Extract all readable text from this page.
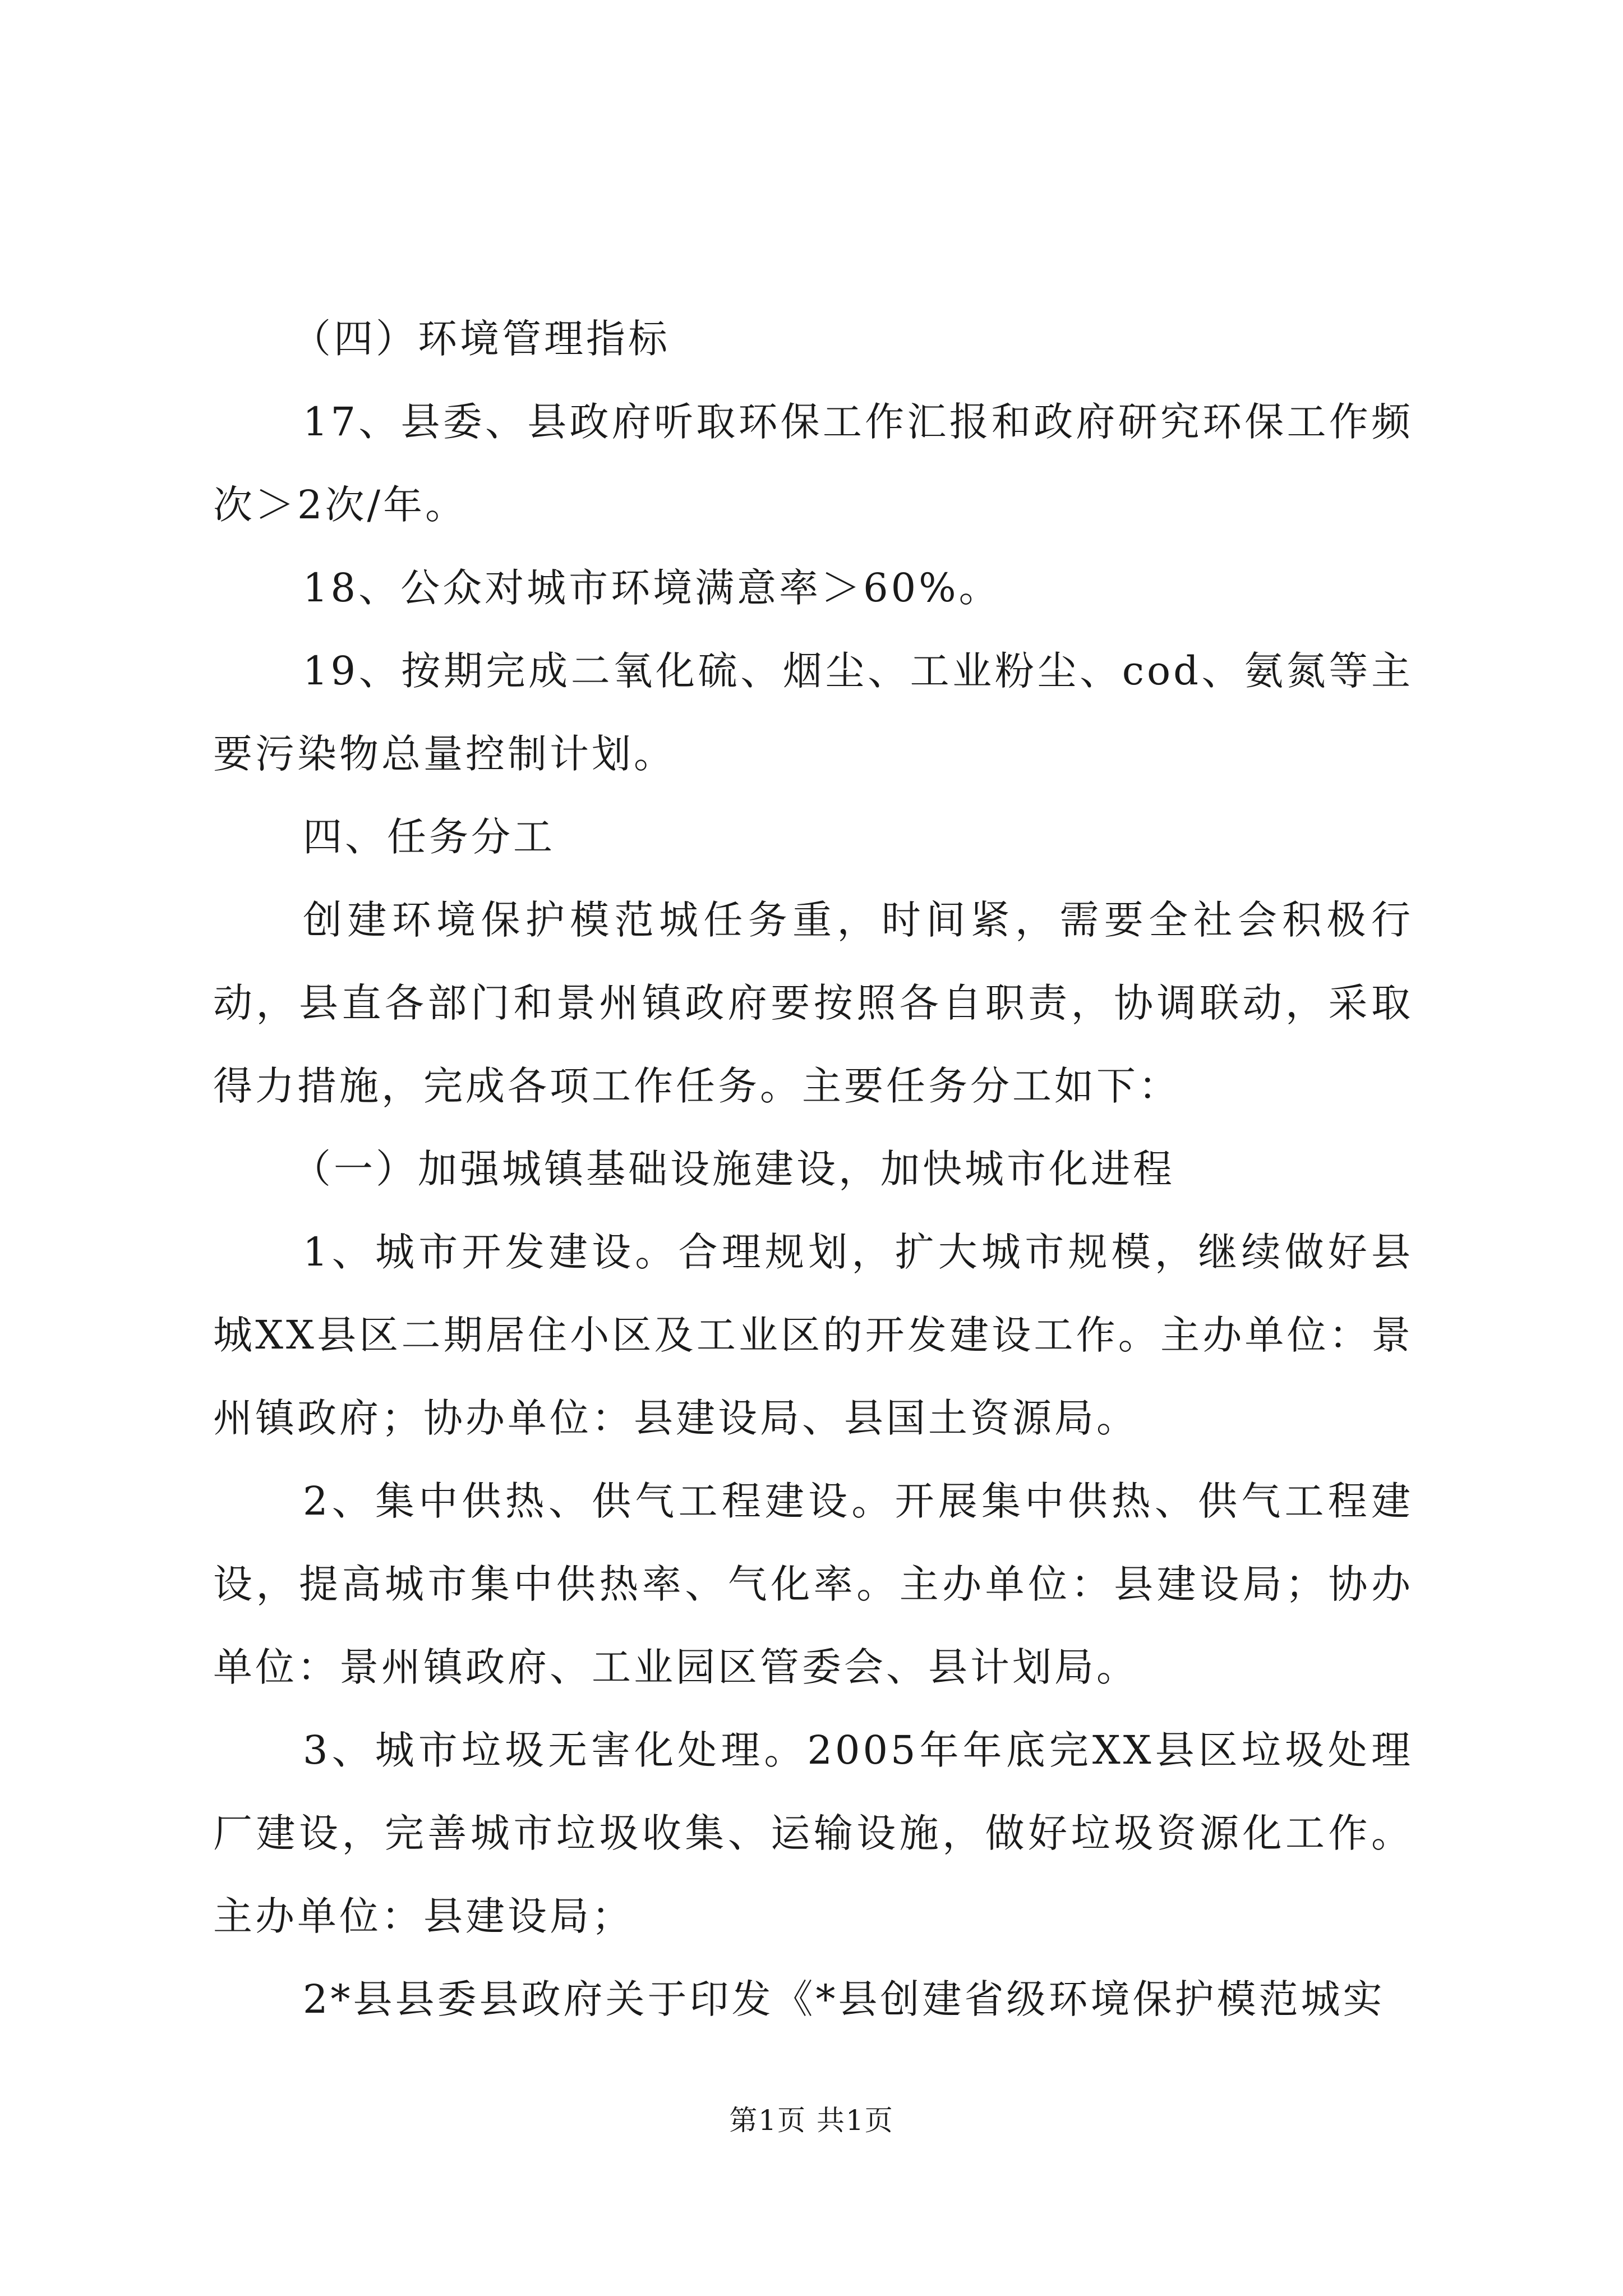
（四）环境管理指标

17、县委、县政府听取环保工作汇报和政府研究环保工作频次＞2次/年。

18、公众对城市环境满意率＞60%。

19、按期完成二氧化硫、烟尘、工业粉尘、cod、氨氮等主要污染物总量控制计划。

四、任务分工

创建环境保护模范城任务重，时间紧，需要全社会积极行动，县直各部门和景州镇政府要按照各自职责，协调联动，采取得力措施，完成各项工作任务。主要任务分工如下：

（一）加强城镇基础设施建设，加快城市化进程

1、城市开发建设。合理规划，扩大城市规模，继续做好县城XX县区二期居住小区及工业区的开发建设工作。主办单位：景州镇政府；协办单位：县建设局、县国土资源局。

2、集中供热、供气工程建设。开展集中供热、供气工程建设，提高城市集中供热率、气化率。主办单位：县建设局；协办单位：景州镇政府、工业园区管委会、县计划局。

3、城市垃圾无害化处理。2005年年底完XX县区垃圾处理厂建设，完善城市垃圾收集、运输设施，做好垃圾资源化工作。主办单位：县建设局；

2*县县委县政府关于印发《*县创建省级环境保护模范城实

第1页 共1页
